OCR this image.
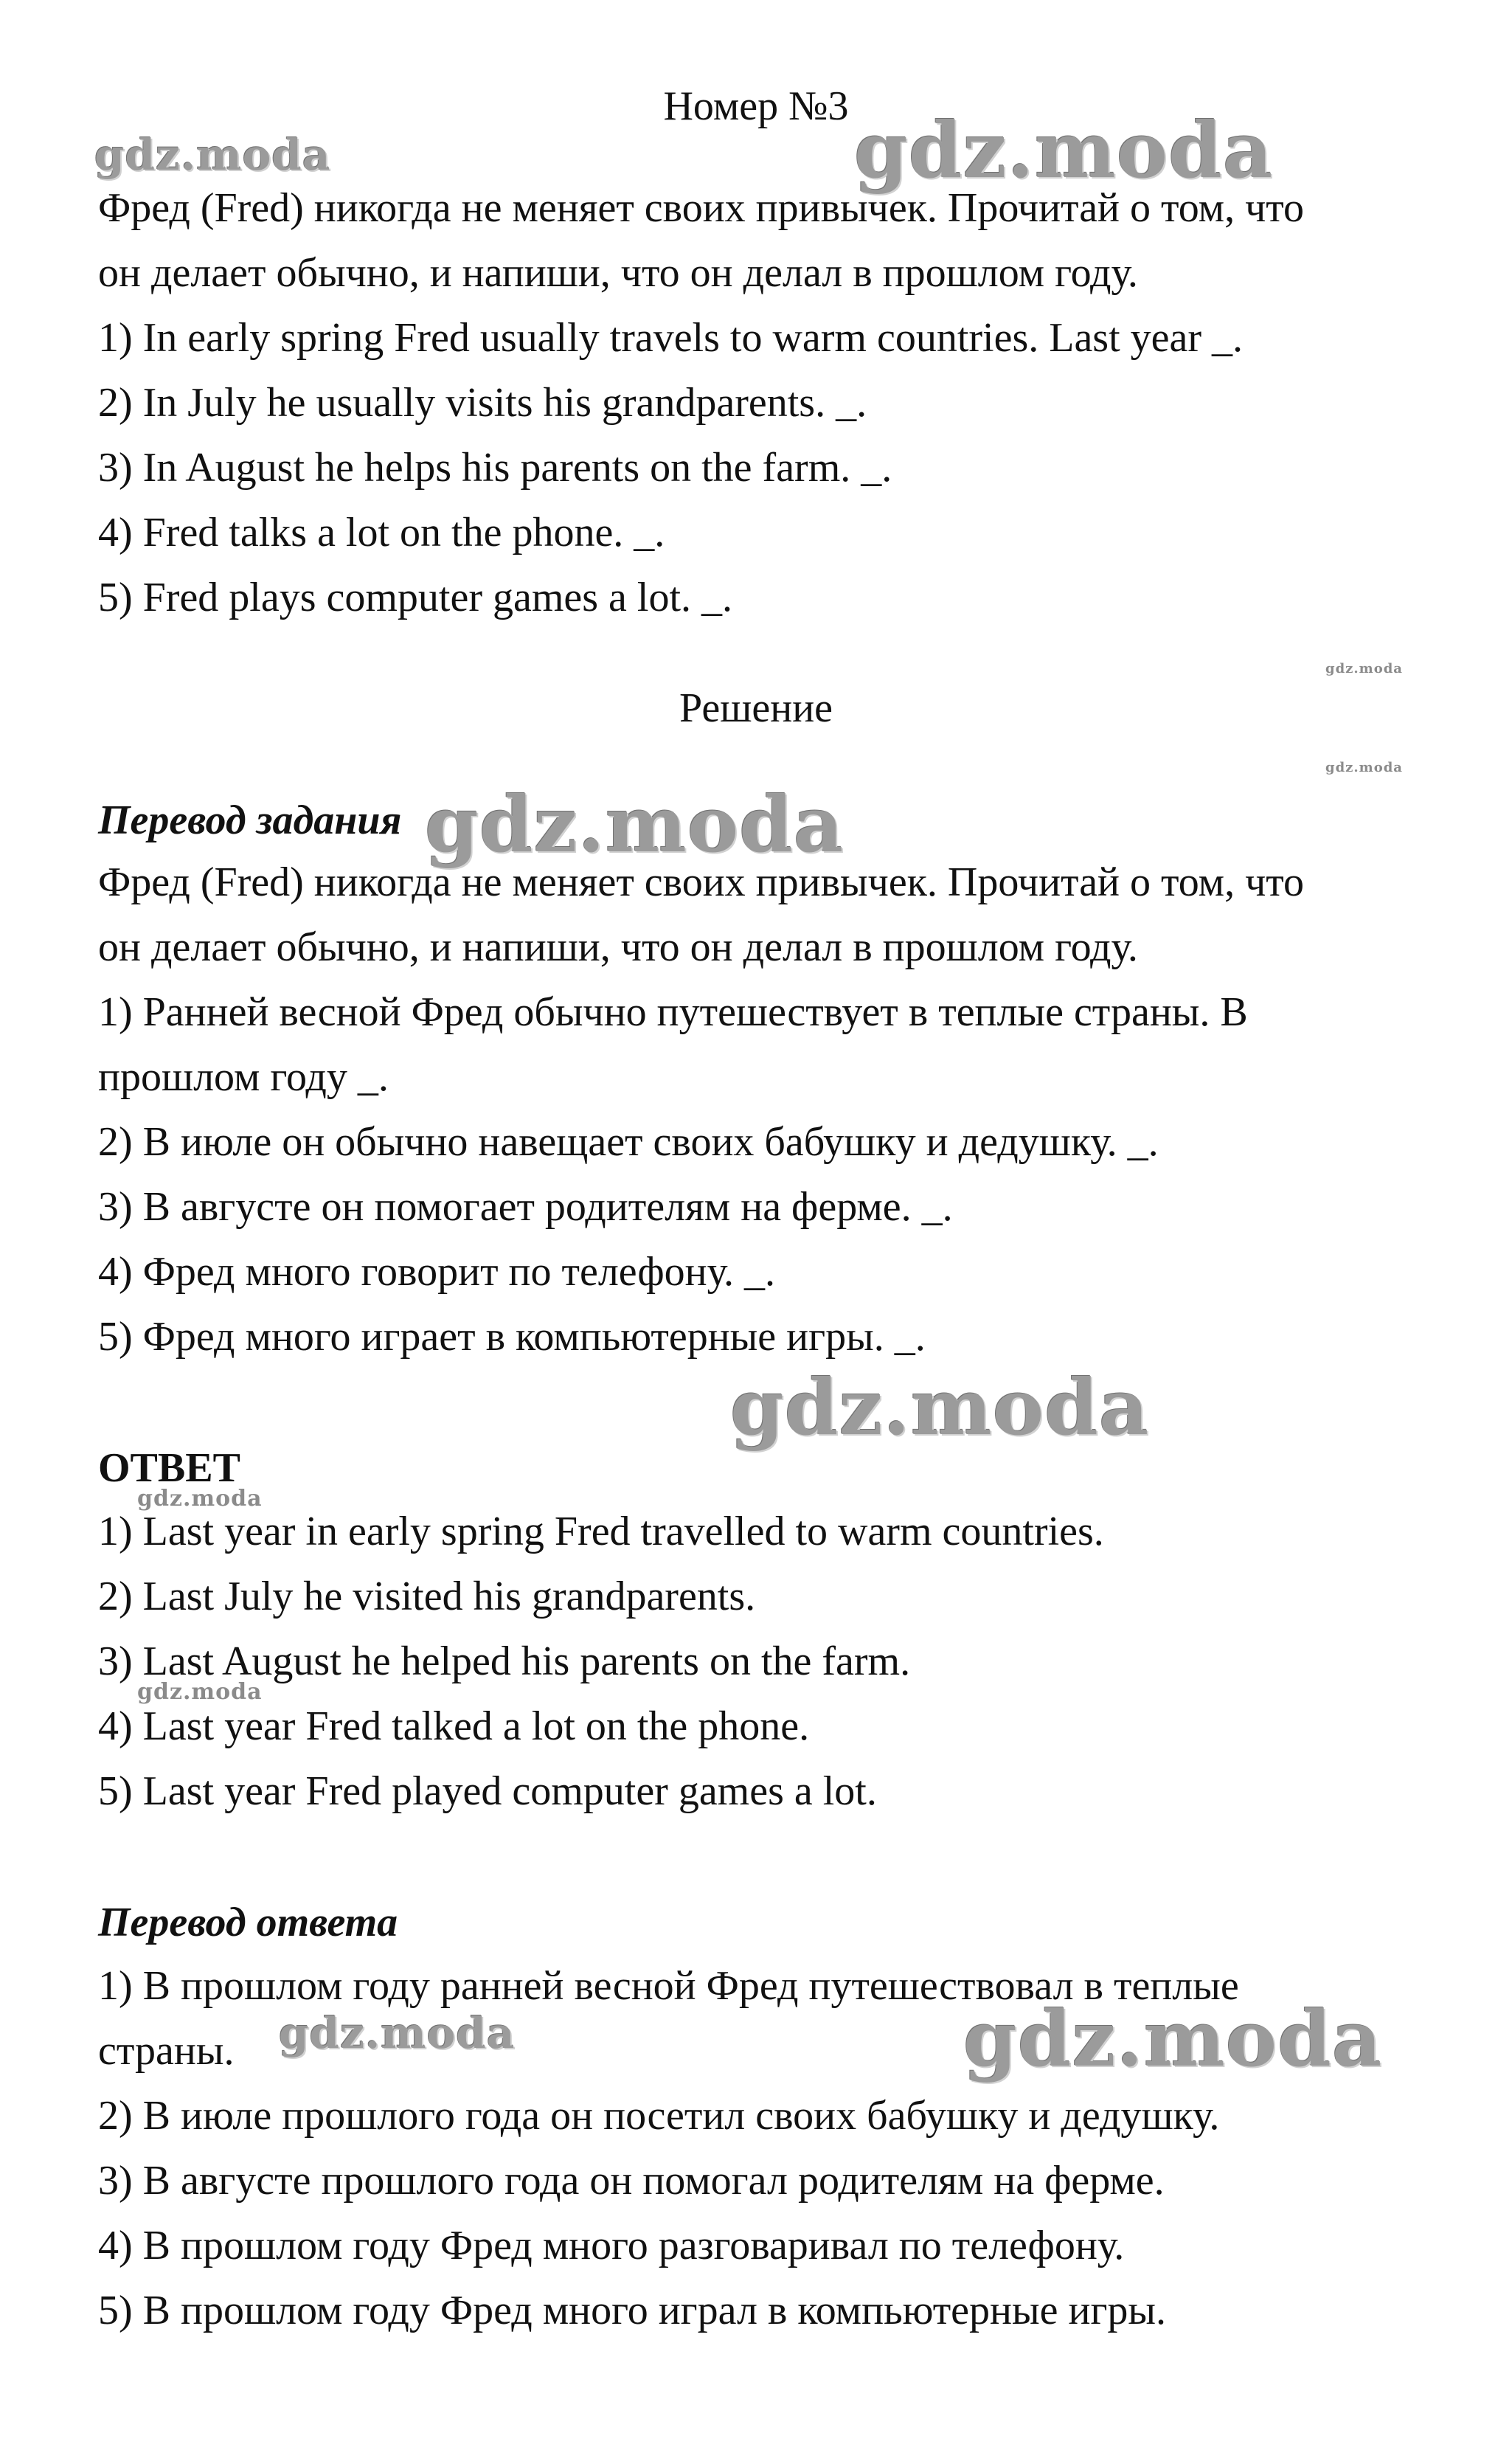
Номер №3
Фред (Fred) никогда не меняет своих привычек. Прочитай о том, что
он делает обычно, и напиши, что он делал в прошлом году.
1) In early spring Fred usually travels to warm countries. Last year _.
2) In July he usually visits his grandparents. _.
3) In August he helps his parents on the farm. _.
4) Fred talks a lot on the phone. _.
5) Fred plays computer games a lot. _.
Решение
Перевод задания
Фред (Fred) никогда не меняет своих привычек. Прочитай о том, что
он делает обычно, и напиши, что он делал в прошлом году.
1) Ранней весной Фред обычно путешествует в теплые страны. В
прошлом году _.
2) В июле он обычно навещает своих бабушку и дедушку. _.
3) В августе он помогает родителям на ферме. _.
4) Фред много говорит по телефону. _.
5) Фред много играет в компьютерные игры. _.
ОТВЕТ
1) Last year in early spring Fred travelled to warm countries.
2) Last July he visited his grandparents.
3) Last August he helped his parents on the farm.
4) Last year Fred talked a lot on the phone.
5) Last year Fred played computer games a lot.
Перевод ответа
1) В прошлом году ранней весной Фред путешествовал в теплые
страны.
2) В июле прошлого года он посетил своих бабушку и дедушку.
3) В августе прошлого года он помогал родителям на ферме.
4) В прошлом году Фред много разговаривал по телефону.
5) В прошлом году Фред много играл в компьютерные игры.
gdz.moda	gdz.moda
gdz.moda
gdz.moda
gdz.moda
gdz.moda
gdz.moda
gdz.moda
gdz.moda	gdz.moda
